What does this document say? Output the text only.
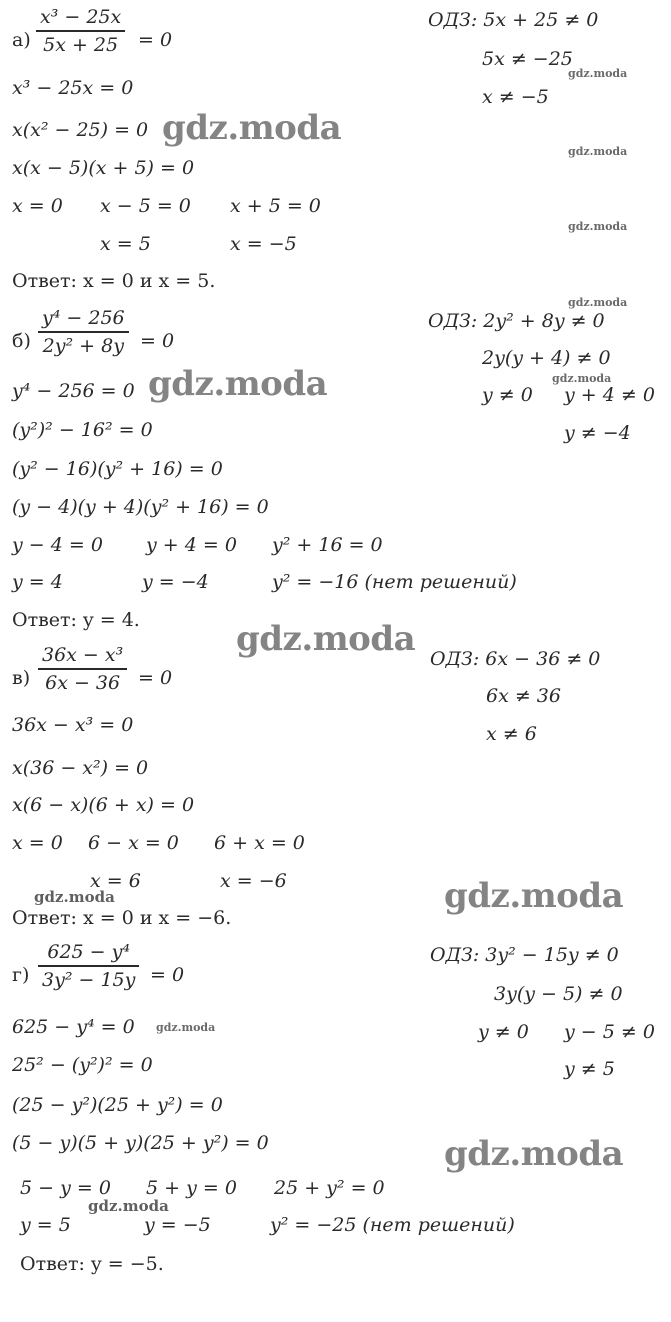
а)
x³ − 25x
5x + 25	= 0
ОДЗ: 5x + 25 ≠ 0
5x ≠ −25
x ≠ −5
x³ − 25x = 0
x(x² − 25) = 0
x(x − 5)(x + 5) = 0
x = 0 x − 5 = 0 x + 5 = 0
x = 5	x = −5
Ответ: x = 0 и x = 5.
б)
y⁴ − 256
2y² + 8y = 0
ОДЗ: 2y² + 8y ≠ 0
2y(y + 4) ≠ 0
y ≠ 0 y + 4 ≠ 0
y ≠ −4
y⁴ − 256 = 0
(y²)² − 16² = 0
(y² − 16)(y² + 16) = 0
(y − 4)(y + 4)(y² + 16) = 0
y − 4 = 0 y + 4 = 0 y² + 16 = 0
y = 4	y = −4	y² = −16 (нет решений)
Ответ: y = 4.
в)
36x − x³
6x − 36 = 0
ОДЗ: 6x − 36 ≠ 0
6x ≠ 36
x ≠ 6
36x − x³ = 0
x(36 − x²) = 0
x(6 − x)(6 + x) = 0
x = 0 6 − x = 0 6 + x = 0
x = 6	x = −6
Ответ: x = 0 и x = −6.
г)
625 − y⁴
3y² − 15y = 0
ОДЗ: 3y² − 15y ≠ 0
3y(y − 5) ≠ 0
y ≠ 0 y − 5 ≠ 0
y ≠ 5
625 − y⁴ = 0
25² − (y²)² = 0
(25 − y²)(25 + y²) = 0
(5 − y)(5 + y)(25 + y²) = 0
5 − y = 0 5 + y = 0 25 + y² = 0
y = 5	y = −5	y² = −25 (нет решений)
Ответ: y = −5.
gdz.moda
gdz.moda
gdz.moda
gdz.moda
gdz.moda
gdz.moda
gdz.moda
gdz.moda
gdz.moda
gdz.moda
gdz.moda
gdz.moda
gdz.moda
